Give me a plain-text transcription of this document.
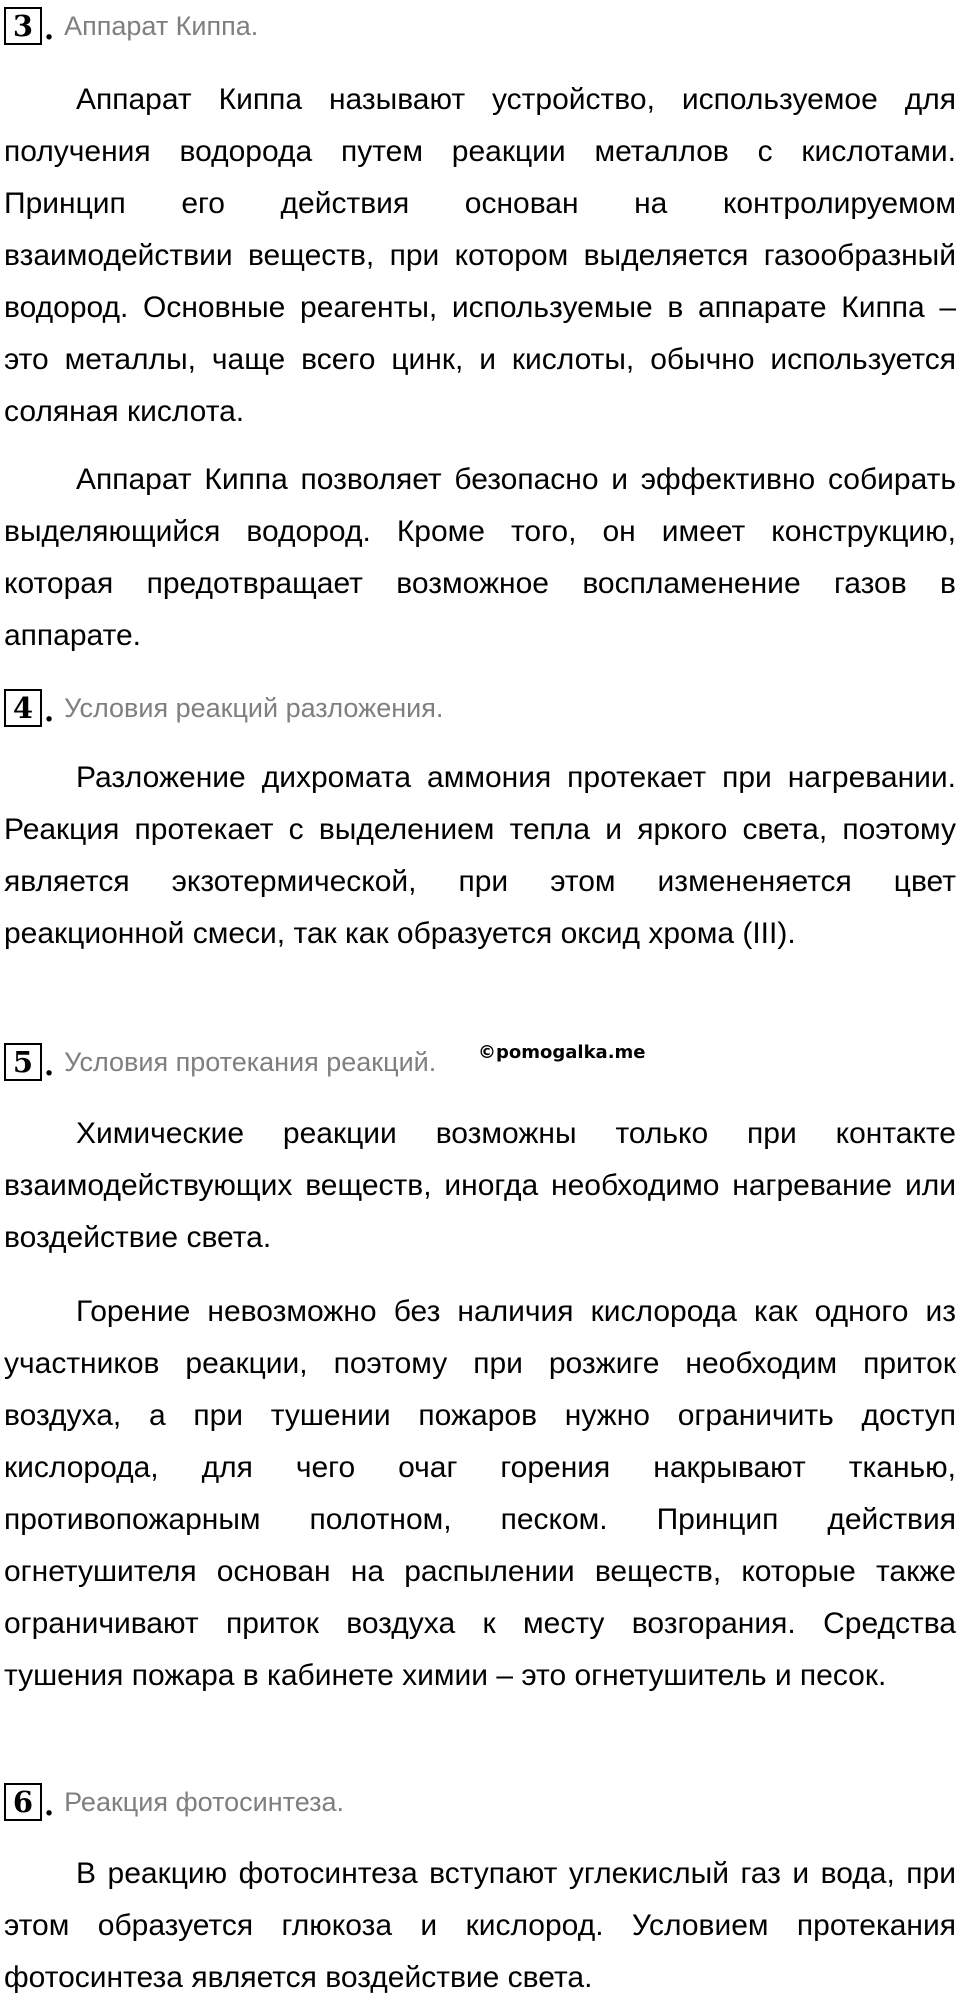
3 . Аппарат Киппа.

Аппарат Киппа называют устройство, используемое для получения водорода путем реакции металлов с кислотами. Принцип его действия основан на контролируемом взаимодействии веществ, при котором выделяется газообразный водород. Основные реагенты, используемые в аппарате Киппа – это металлы, чаще всего цинк, и кислоты, обычно используется соляная кислота.

Аппарат Киппа позволяет безопасно и эффективно собирать выделяющийся водород. Кроме того, он имеет конструкцию, которая предотвращает возможное воспламенение газов в аппарате.

4 . Условия реакций разложения.

Разложение дихромата аммония протекает при нагревании. Реакция протекает с выделением тепла и яркого света, поэтому является экзотермической, при этом измененяется цвет реакционной смеси, так как образуется оксид хрома (III).

5 . Условия протекания реакций. ©pomogalka.me

Химические реакции возможны только при контакте взаимодействующих веществ, иногда необходимо нагревание или воздействие света.

Горение невозможно без наличия кислорода как одного из участников реакции, поэтому при розжиге необходим приток воздуха, а при тушении пожаров нужно ограничить доступ кислорода, для чего очаг горения накрывают тканью, противопожарным полотном, песком. Принцип действия огнетушителя основан на распылении веществ, которые также ограничивают приток воздуха к месту возгорания. Средства тушения пожара в кабинете химии – это огнетушитель и песок.

6 . Реакция фотосинтеза.

В реакцию фотосинтеза вступают углекислый газ и вода, при этом образуется глюкоза и кислород. Условием протекания фотосинтеза является воздействие света.
